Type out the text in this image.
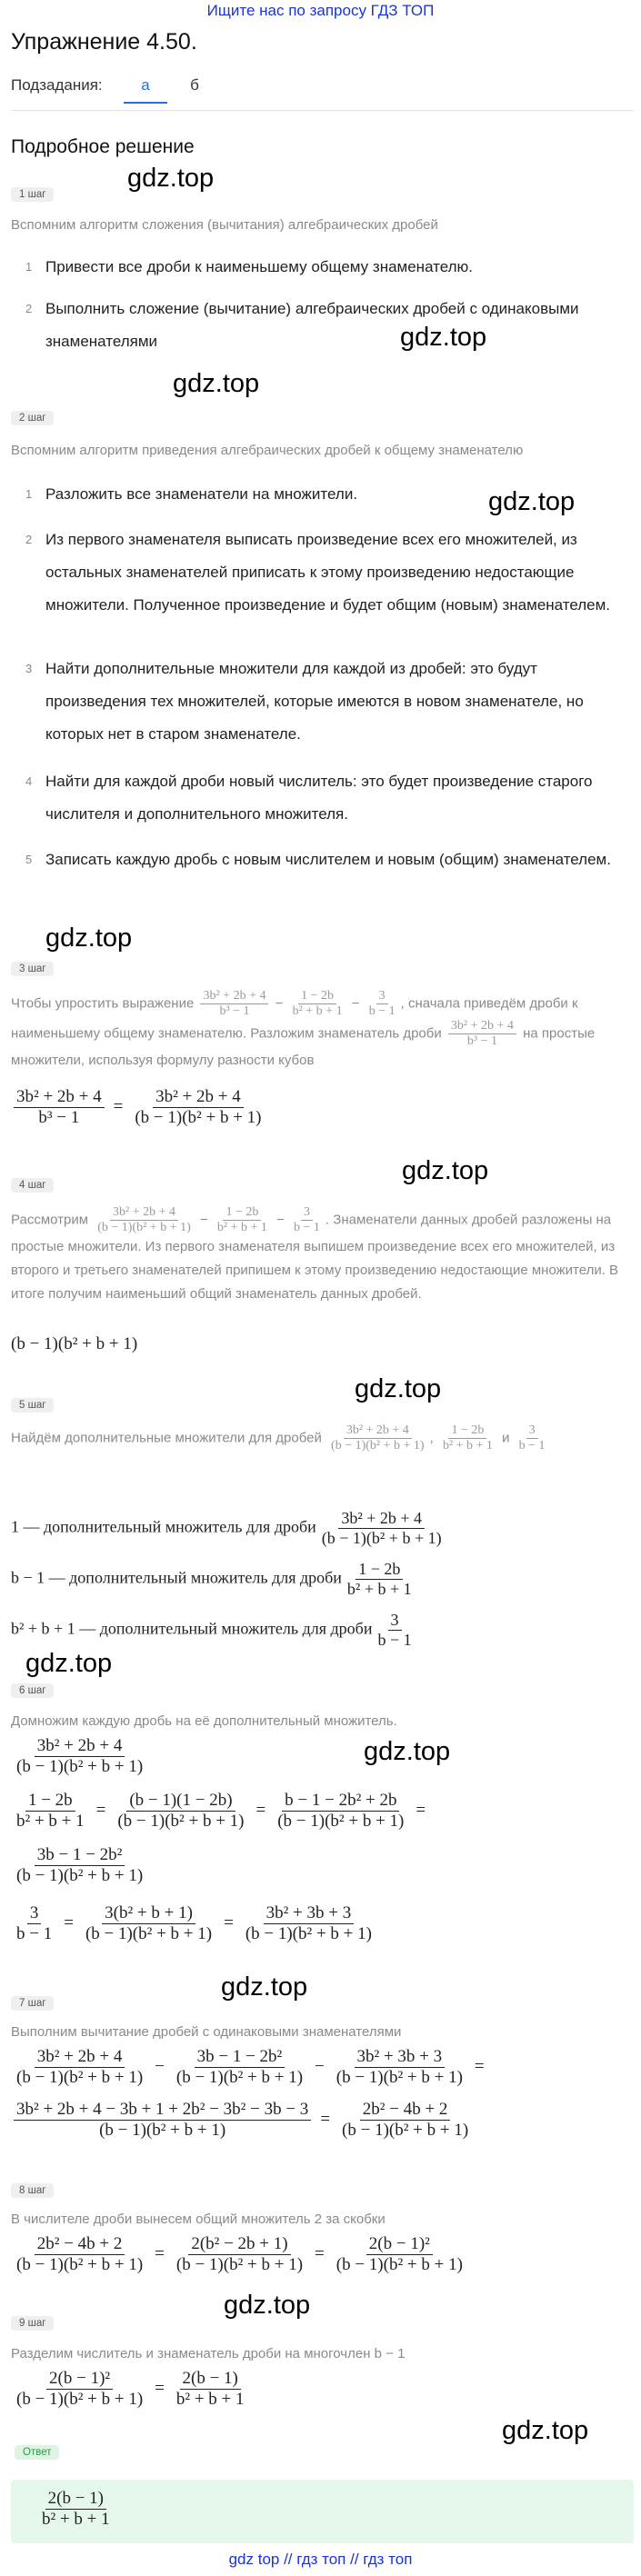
Ищите нас по запросу ГДЗ ТОП
Упражнение 4.50.
Подзадания:	а	б
Подробное решение
gdz.top
gdz.top
gdz.top
gdz.top
gdz.top
gdz.top
gdz.top
gdz.top
gdz.top
gdz.top
gdz.top
gdz.top
1 шаг
Вспомним алгоритм сложения (вычитания) алгебраических дробей
1 Привести все дроби к наименьшему общему знаменателю.
2 Выполнить сложение (вычитание) алгебраических дробей с одинаковыми знаменателями
2 шаг
Вспомним алгоритм приведения алгебраических дробей к общему знаменателю
1 Разложить все знаменатели на множители.
2 Из первого знаменателя выписать произведение всех его множителей, из остальных знаменателей приписать к этому произведению недостающие множители. Полученное произведение и будет общим (новым) знаменателем.
3 Найти дополнительные множители для каждой из дробей: это будут произведения тех множителей, которые имеются в новом знаменателе, но которых нет в старом знаменателе.
4 Найти для каждой дроби новый числитель: это будет произведение старого числителя и дополнительного множителя.
5 Записать каждую дробь с новым числителем и новым (общим) знаменателем.
3 шаг
Чтобы упростить выражение $\frac{\text{3b² + 2b + 4}}{\text{b³ − 1}} - \frac{1 - 2b}{\text{b² + b + 1}} - \frac{3}{b - 1}$ , сначала приведём дроби к наименьшему общему знаменателю. Разложим знаменатель дроби $\frac{\text{3b² + 2b + 4}}{\text{b³ − 1}}$ на простые множители, используя формулу разности кубов
$\frac{\text{3b² + 2b + 4}}{\text{b³ − 1}} = \frac{\text{3b² + 2b + 4}}{\text{(b − 1)(b² + b + 1)}}$
4 шаг
Рассмотрим $\frac{\text{3b² + 2b + 4}}{\text{(b − 1)(b² + b + 1)}} - \frac{1 - 2b}{\text{b² + b + 1}} - \frac{3}{b - 1}$ . Знаменатели данных дробей разложены на простые множители. Из первого знаменателя выпишем произведение всех его множителей, из второго и третьего знаменателей припишем к этому произведению недостающие множители. В итоге получим наименьший общий знаменатель данных дробей.
(b − 1)(b² + b + 1)
5 шаг
Найдём дополнительные множители для дробей $\frac{\text{3b² + 2b + 4}}{\text{(b − 1)(b² + b + 1)}}$ , $\frac{1 - 2b}{\text{b² + b + 1}}$ и $\frac{3}{b - 1}$
1 — дополнительный множитель для дроби $\frac{\text{3b² + 2b + 4}}{\text{(b − 1)(b² + b + 1)}}$
b − 1 — дополнительный множитель для дроби $\frac{1 - 2b}{\text{b² + b + 1}}$
b² + b + 1 — дополнительный множитель для дроби $\frac{3}{b - 1}$
6 шаг
Домножим каждую дробь на её дополнительный множитель.
$\frac{\text{3b² + 2b + 4}}{\text{(b − 1)(b² + b + 1)}}$
$\frac{1 - 2b}{\text{b² + b + 1}} = \frac{(b - 1)(1 - 2b)}{\text{(b − 1)(b² + b + 1)}} = \frac{\text{b − 1 − 2b² + 2b}}{\text{(b − 1)(b² + b + 1)}}$ =
$\frac{\text{3b − 1 − 2b²}}{\text{(b − 1)(b² + b + 1)}}$
$\frac{3}{b - 1} = \frac{\text{3(b² + b + 1)}}{\text{(b − 1)(b² + b + 1)}} = \frac{\text{3b² + 3b + 3}}{\text{(b − 1)(b² + b + 1)}}$
7 шаг
Выполним вычитание дробей с одинаковыми знаменателями
$\frac{\text{3b² + 2b + 4}}{\text{(b − 1)(b² + b + 1)}} - \frac{\text{3b − 1 − 2b²}}{\text{(b − 1)(b² + b + 1)}} - \frac{\text{3b² + 3b + 3}}{\text{(b − 1)(b² + b + 1)}}$ =
$\frac{\text{3b² + 2b + 4 − 3b + 1 + 2b² − 3b² − 3b − 3}}{\text{(b − 1)(b² + b + 1)}} = \frac{\text{2b² − 4b + 2}}{\text{(b − 1)(b² + b + 1)}}$
8 шаг
В числителе дроби вынесем общий множитель 2 за скобки
$\frac{\text{2b² − 4b + 2}}{\text{(b − 1)(b² + b + 1)}} = \frac{\text{2(b² − 2b + 1)}}{\text{(b − 1)(b² + b + 1)}} = \frac{\text{2(b − 1)²}}{\text{(b − 1)(b² + b + 1)}}$
9 шаг
Разделим числитель и знаменатель дроби на многочлен b − 1
$\frac{\text{2(b − 1)²}}{\text{(b − 1)(b² + b + 1)}} = \frac{2(b - 1)}{\text{b² + b + 1}}$
Ответ
$\frac{2(b - 1)}{\text{b² + b + 1}}$
gdz top // гдз топ // гдз топ
